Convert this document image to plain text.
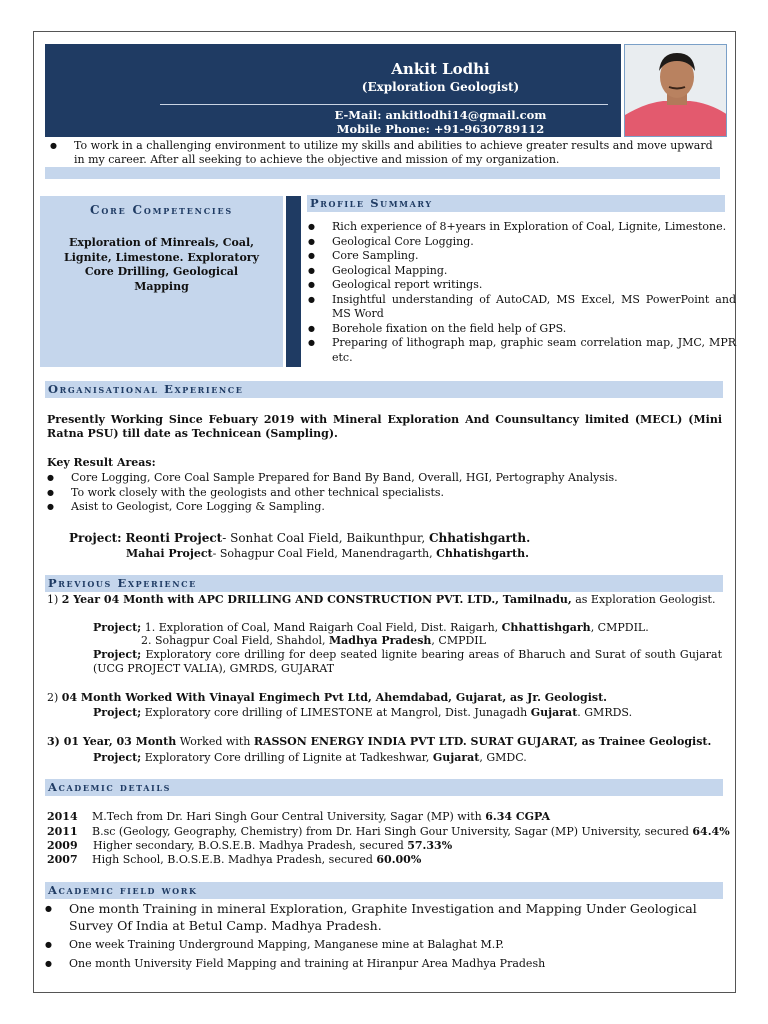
Ankit Lodhi
(Exploration Geologist)
E-Mail: ankitlodhi14@gmail.com
Mobile Phone: +91-9630789112
●	To work in a challenging environment to utilize my skills and abilities to achieve greater results and move upward in my career. After all seeking to achieve the objective and mission of my organization.
Core Competencies
Exploration of Minreals, Coal, Lignite, Limestone. Exploratory Core Drilling, Geological Mapping
Profile Summary
● Rich experience of 8+years in Exploration of Coal, Lignite, Limestone.
● Geological Core Logging.
● Core Sampling.
● Geological Mapping.
● Geological report writings.
● Insightful understanding of AutoCAD, MS Excel, MS PowerPoint and MS Word
● Borehole fixation on the field help of GPS.
● Preparing of lithograph map, graphic seam correlation map, JMC, MPR etc.
Organisational Experience
Presently Working Since Febuary 2019 with Mineral Exploration And Counsultancy limited (MECL) (Mini Ratna PSU) till date as Technicean (Sampling).
Key Result Areas:
● Core Logging, Core Coal Sample Prepared for Band By Band, Overall, HGI, Pertography Analysis.
● To work closely with the geologists and other technical specialists.
● Asist to Geologist, Core Logging & Sampling.
Project: Reonti Project- Sonhat Coal Field, Baikunthpur, Chhatishgarth.
Mahai Project- Sohagpur Coal Field, Manendragarth, Chhatishgarth.
Previous Experience
1) 2 Year 04 Month with APC DRILLING AND CONSTRUCTION PVT. LTD., Tamilnadu, as Exploration Geologist.
Project; 1. Exploration of Coal, Mand Raigarh Coal Field, Dist. Raigarh, Chhattishgarh, CMPDIL.
2. Sohagpur Coal Field, Shahdol, Madhya Pradesh, CMPDIL
Project; Exploratory core drilling for deep seated lignite bearing areas of Bharuch and Surat of south Gujarat (UCG PROJECT VALIA), GMRDS, GUJARAT
2) 04 Month Worked With Vinayal Engimech Pvt Ltd, Ahemdabad, Gujarat, as Jr. Geologist.
Project; Exploratory core drilling of LIMESTONE at Mangrol, Dist. Junagadh Gujarat. GMRDS.
3) 01 Year, 03 Month Worked with RASSON ENERGY INDIA PVT LTD. SURAT GUJARAT, as Trainee Geologist.
Project; Exploratory Core drilling of Lignite at Tadkeshwar, Gujarat, GMDC.
Academic details
2014 M.Tech from Dr. Hari Singh Gour Central University, Sagar (MP) with 6.34 CGPA
2011 B.sc (Geology, Geography, Chemistry) from Dr. Hari Singh Gour University, Sagar (MP) University, secured 64.4%
2009 Higher secondary, B.O.S.E.B. Madhya Pradesh, secured 57.33%
2007 High School, B.O.S.E.B. Madhya Pradesh, secured 60.00%
Academic field work
● One month Training in mineral Exploration, Graphite Investigation and Mapping Under Geological Survey Of India at Betul Camp. Madhya Pradesh.
● One week Training Underground Mapping, Manganese mine at Balaghat M.P.
● One month University Field Mapping and training at Hiranpur Area Madhya Pradesh
